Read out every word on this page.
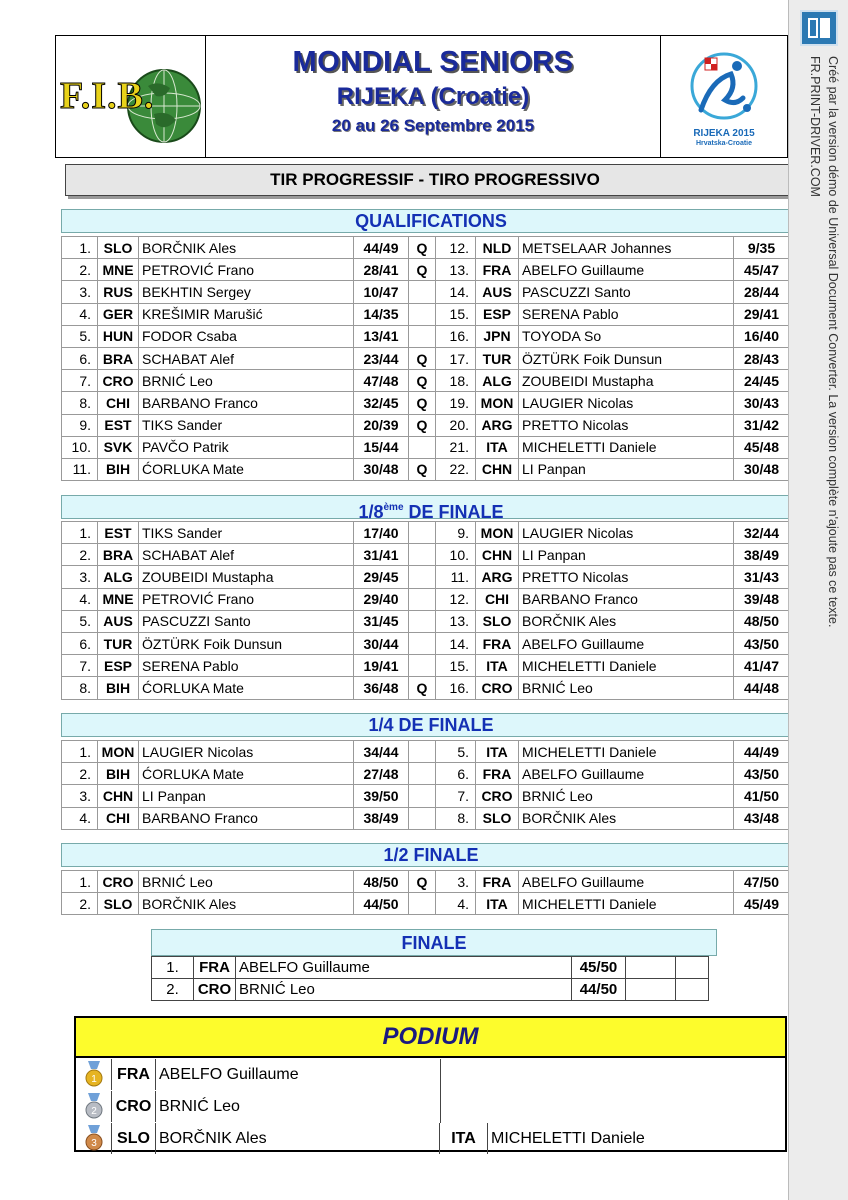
F.I.B.
MONDIAL SENIORS
RIJEKA (Croatie)
20 au 26 Septembre 2015	RIJEKA 2015
Hrvatska-Croatie
TIR PROGRESSIF - TIRO PROGRESSIVO
QUALIFICATIONS
1.	SLO	BORČNIK Ales	44/49	Q	12.	NLD	METSELAAR Johannes	9/35	
2.	MNE	PETROVIĆ Frano	28/41	Q	13.	FRA	ABELFO Guillaume	45/47	
3.	RUS	BEKHTIN Sergey	10/47		14.	AUS	PASCUZZI Santo	28/44	
4.	GER	KREŠIMIR Marušić	14/35		15.	ESP	SERENA Pablo	29/41	
5.	HUN	FODOR Csaba	13/41		16.	JPN	TOYODA So	16/40	
6.	BRA	SCHABAT Alef	23/44	Q	17.	TUR	ÖZTÜRK Foik Dunsun	28/43	
7.	CRO	BRNIĆ Leo	47/48	Q	18.	ALG	ZOUBEIDI Mustapha	24/45	
8.	CHI	BARBANO Franco	32/45	Q	19.	MON	LAUGIER Nicolas	30/43	
9.	EST	TIKS Sander	20/39	Q	20.	ARG	PRETTO Nicolas	31/42	
10.	SVK	PAVČO Patrik	15/44		21.	ITA	MICHELETTI Daniele	45/48	
11.	BIH	ĆORLUKA Mate	30/48	Q	22.	CHN	LI Panpan	30/48	
1/8ème DE FINALE
1.	EST	TIKS Sander	17/40		9.	MON	LAUGIER Nicolas	32/44	
2.	BRA	SCHABAT Alef	31/41		10.	CHN	LI Panpan	38/49	
3.	ALG	ZOUBEIDI Mustapha	29/45		11.	ARG	PRETTO Nicolas	31/43	
4.	MNE	PETROVIĆ Frano	29/40		12.	CHI	BARBANO Franco	39/48	
5.	AUS	PASCUZZI Santo	31/45		13.	SLO	BORČNIK Ales	48/50	
6.	TUR	ÖZTÜRK Foik Dunsun	30/44		14.	FRA	ABELFO Guillaume	43/50	
7.	ESP	SERENA Pablo	19/41		15.	ITA	MICHELETTI Daniele	41/47	
8.	BIH	ĆORLUKA Mate	36/48	Q	16.	CRO	BRNIĆ Leo	44/48	
1/4 DE FINALE
1.	MON	LAUGIER Nicolas	34/44		5.	ITA	MICHELETTI Daniele	44/49	
2.	BIH	ĆORLUKA Mate	27/48		6.	FRA	ABELFO Guillaume	43/50	
3.	CHN	LI Panpan	39/50		7.	CRO	BRNIĆ Leo	41/50	
4.	CHI	BARBANO Franco	38/49		8.	SLO	BORČNIK Ales	43/48	
1/2 FINALE
1.	CRO	BRNIĆ Leo	48/50	Q	3.	FRA	ABELFO Guillaume	47/50	
2.	SLO	BORČNIK Ales	44/50		4.	ITA	MICHELETTI Daniele	45/49	
FINALE
1.	FRA	ABELFO Guillaume	45/50		
2.	CRO	BRNIĆ Leo	44/50		
PODIUM
1	FRA ABELFO Guillaume
2 CRO BRNIĆ Leo
3	SLO BORČNIK Ales	ITA MICHELETTI Daniele
Créé par la version démo de Universal Document Converter. La version complète n'ajoute pas ce texte.
FR.PRINT-DRIVER.COM
